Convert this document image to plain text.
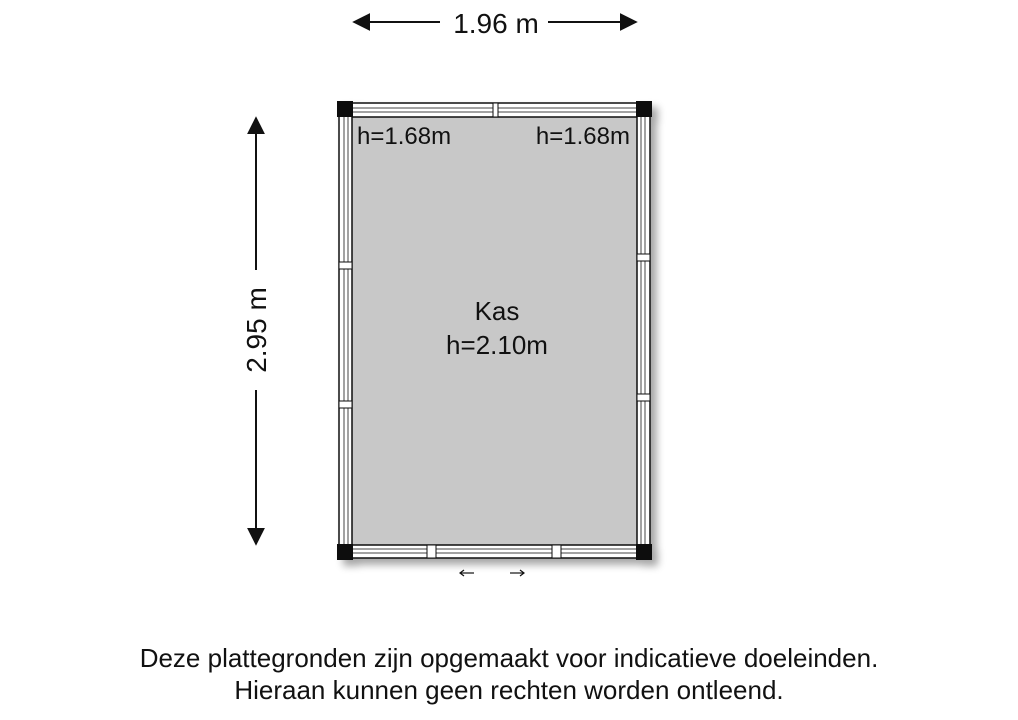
1.96 m
2.95 m
h=1.68m	h=1.68m
Kas
h=2.10m
Deze plattegronden zijn opgemaakt voor indicatieve doeleinden.
Hieraan kunnen geen rechten worden ontleend.
